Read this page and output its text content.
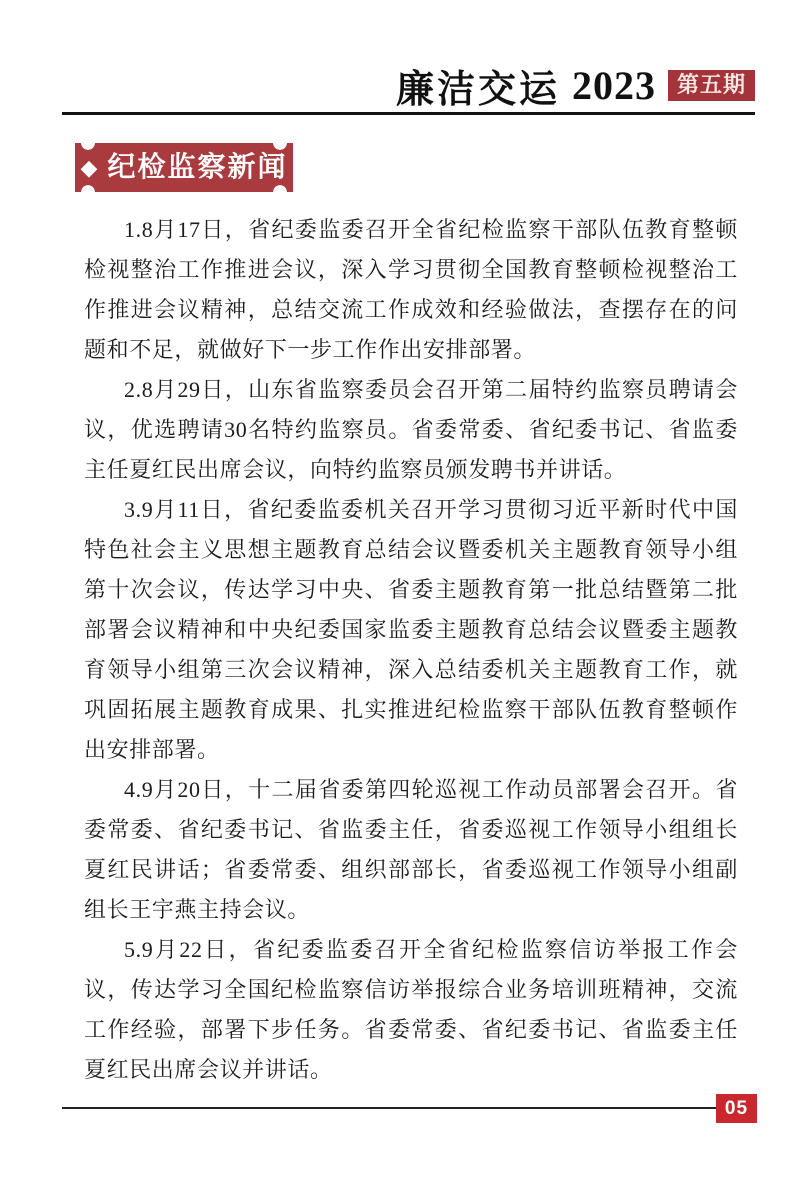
廉洁交运 2023 第五期
◆ 纪检监察新闻

1.8月17日，省纪委监委召开全省纪检监察干部队伍教育整顿检视整治工作推进会议，深入学习贯彻全国教育整顿检视整治工作推进会议精神，总结交流工作成效和经验做法，查摆存在的问题和不足，就做好下一步工作作出安排部署。

2.8月29日，山东省监察委员会召开第二届特约监察员聘请会议，优选聘请30名特约监察员。省委常委、省纪委书记、省监委主任夏红民出席会议，向特约监察员颁发聘书并讲话。

3.9月11日，省纪委监委机关召开学习贯彻习近平新时代中国特色社会主义思想主题教育总结会议暨委机关主题教育领导小组第十次会议，传达学习中央、省委主题教育第一批总结暨第二批部署会议精神和中央纪委国家监委主题教育总结会议暨委主题教育领导小组第三次会议精神，深入总结委机关主题教育工作，就巩固拓展主题教育成果、扎实推进纪检监察干部队伍教育整顿作出安排部署。

4.9月20日，十二届省委第四轮巡视工作动员部署会召开。省委常委、省纪委书记、省监委主任，省委巡视工作领导小组组长夏红民讲话；省委常委、组织部部长，省委巡视工作领导小组副组长王宇燕主持会议。

5.9月22日，省纪委监委召开全省纪检监察信访举报工作会议，传达学习全国纪检监察信访举报综合业务培训班精神，交流工作经验，部署下步任务。省委常委、省纪委书记、省监委主任夏红民出席会议并讲话。

05
